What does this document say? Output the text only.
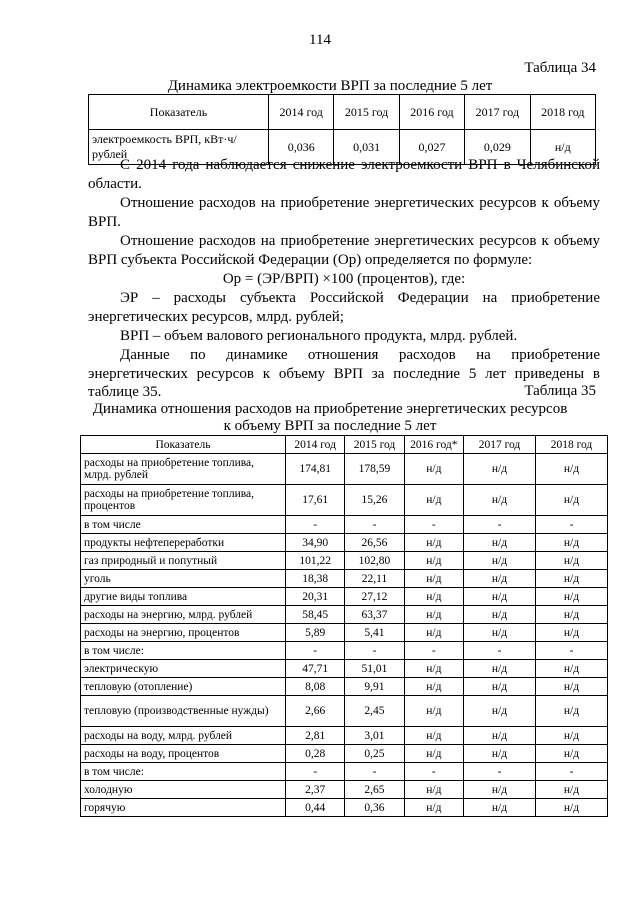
114
Таблица 34
Динамика электроемкости ВРП за последние 5 лет
Показатель	2014 год	2015 год	2016 год	2017 год	2018 год
электроемкость ВРП, кВт·ч/ рублей	0,036	0,031	0,027	0,029	н/д
С 2014 года наблюдается снижение электроемкости ВРП в Челябинской области.
Отношение расходов на приобретение энергетических ресурсов к объему ВРП.
Отношение расходов на приобретение энергетических ресурсов к объему ВРП субъекта Российской Федерации (Oр) определяется по формуле:
Oр = (ЭР/ВРП) ×100 (процентов), где:
ЭР – расходы субъекта Российской Федерации на приобретение энергетических ресурсов, млрд. рублей;
ВРП – объем валового регионального продукта, млрд. рублей.
Данные по динамике отношения расходов на приобретение энергетических ресурсов к объему ВРП за последние 5 лет приведены в таблице 35.	Таблица 35
Динамика отношения расходов на приобретение энергетических ресурсов
к объему ВРП за последние 5 лет
Показатель	2014 год	2015 год	2016 год*	2017 год	2018 год
расходы на приобретение топлива, млрд. рублей	174,81	178,59	н/д	н/д	н/д
расходы на приобретение топлива, процентов	17,61	15,26	н/д	н/д	н/д
в том числе	-	-	-	-	-
продукты нефтепереработки	34,90	26,56	н/д	н/д	н/д
газ природный и попутный	101,22	102,80	н/д	н/д	н/д
уголь	18,38	22,11	н/д	н/д	н/д
другие виды топлива	20,31	27,12	н/д	н/д	н/д
расходы на энергию, млрд. рублей	58,45	63,37	н/д	н/д	н/д
расходы на энергию, процентов	5,89	5,41	н/д	н/д	н/д
в том числе:	-	-	-	-	-
электрическую	47,71	51,01	н/д	н/д	н/д
тепловую (отопление)	8,08	9,91	н/д	н/д	н/д
тепловую (производственные нужды)	2,66	2,45	н/д	н/д	н/д
расходы на воду, млрд. рублей	2,81	3,01	н/д	н/д	н/д
расходы на воду, процентов	0,28	0,25	н/д	н/д	н/д
в том числе:	-	-	-	-	-
холодную	2,37	2,65	н/д	н/д	н/д
горячую	0,44	0,36	н/д	н/д	н/д
